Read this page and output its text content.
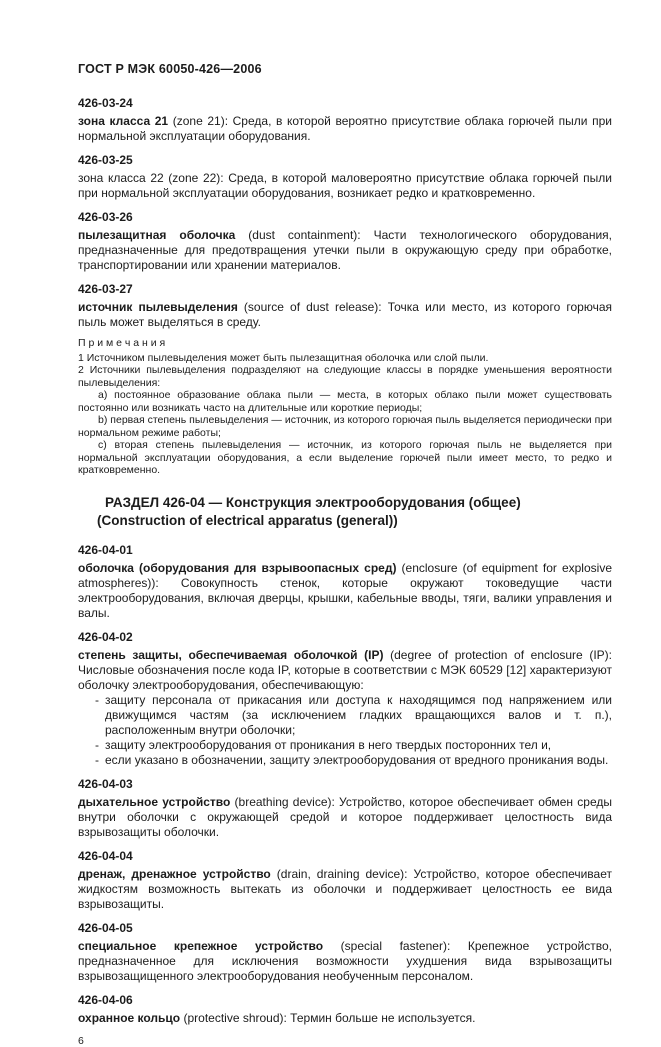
ГОСТ Р МЭК 60050-426—2006
426-03-24

зона класса 21 (zone 21): Среда, в которой вероятно присутствие облака горючей пыли при нормальной эксплуатации оборудования.

426-03-25

зона класса 22 (zone 22): Среда, в которой маловероятно присутствие облака горючей пыли при нормальной эксплуатации оборудования, возникает редко и кратковременно.

426-03-26

пылезащитная оболочка (dust containment): Части технологического оборудования, предназначенные для предотвращения утечки пыли в окружающую среду при обработке, транспортировании или хранении материалов.

426-03-27

источник пылевыделения (source of dust release): Точка или место, из которого горючая пыль может выделяться в среду.

П р и м е ч а н и я

1 Источником пылевыделения может быть пылезащитная оболочка или слой пыли.

2 Источники пылевыделения подразделяют на следующие классы в порядке уменьшения вероятности пылевыделения:

a) постоянное образование облака пыли — места, в которых облако пыли может существовать постоянно или возникать часто на длительные или короткие периоды;

b) первая степень пылевыделения — источник, из которого горючая пыль выделяется периодически при нормальном режиме работы;

c) вторая степень пылевыделения — источник, из которого горючая пыль не выделяется при нормальной эксплуатации оборудования, а если выделение горючей пыли имеет место, то редко и кратковременно.

РАЗДЕЛ 426-04 — Конструкция электрооборудования (общее)
(Construction of electrical apparatus (general))
426-04-01

оболочка (оборудования для взрывоопасных сред) (enclosure (of equipment for explosive atmospheres)): Совокупность стенок, которые окружают токоведущие части электрооборудования, включая дверцы, крышки, кабельные вводы, тяги, валики управления и валы.

426-04-02

степень защиты, обеспечиваемая оболочкой (IP) (degree of protection of enclosure (IP): Числовые обозначения после кода IP, которые в соответствии с МЭК 60529 [12] характеризуют оболочку электрооборудования, обеспечивающую:

- защиту персонала от прикасания или доступа к находящимся под напряжением или движущимся частям (за исключением гладких вращающихся валов и т. п.), расположенным внутри оболочки;
- защиту электрооборудования от проникания в него твердых посторонних тел и,
- если указано в обозначении, защиту электрооборудования от вредного проникания воды.
426-04-03

дыхательное устройство (breathing device): Устройство, которое обеспечивает обмен среды внутри оболочки с окружающей средой и которое поддерживает целостность вида взрывозащиты оболочки.

426-04-04

дренаж, дренажное устройство (drain, draining device): Устройство, которое обеспечивает жидкостям возможность вытекать из оболочки и поддерживает целостность ее вида взрывозащиты.

426-04-05

специальное крепежное устройство (special fastener): Крепежное устройство, предназначенное для исключения возможности ухудшения вида взрывозащиты взрывозащищенного электрооборудования необученным персоналом.

426-04-06

охранное кольцо (protective shroud): Термин больше не используется.

6
